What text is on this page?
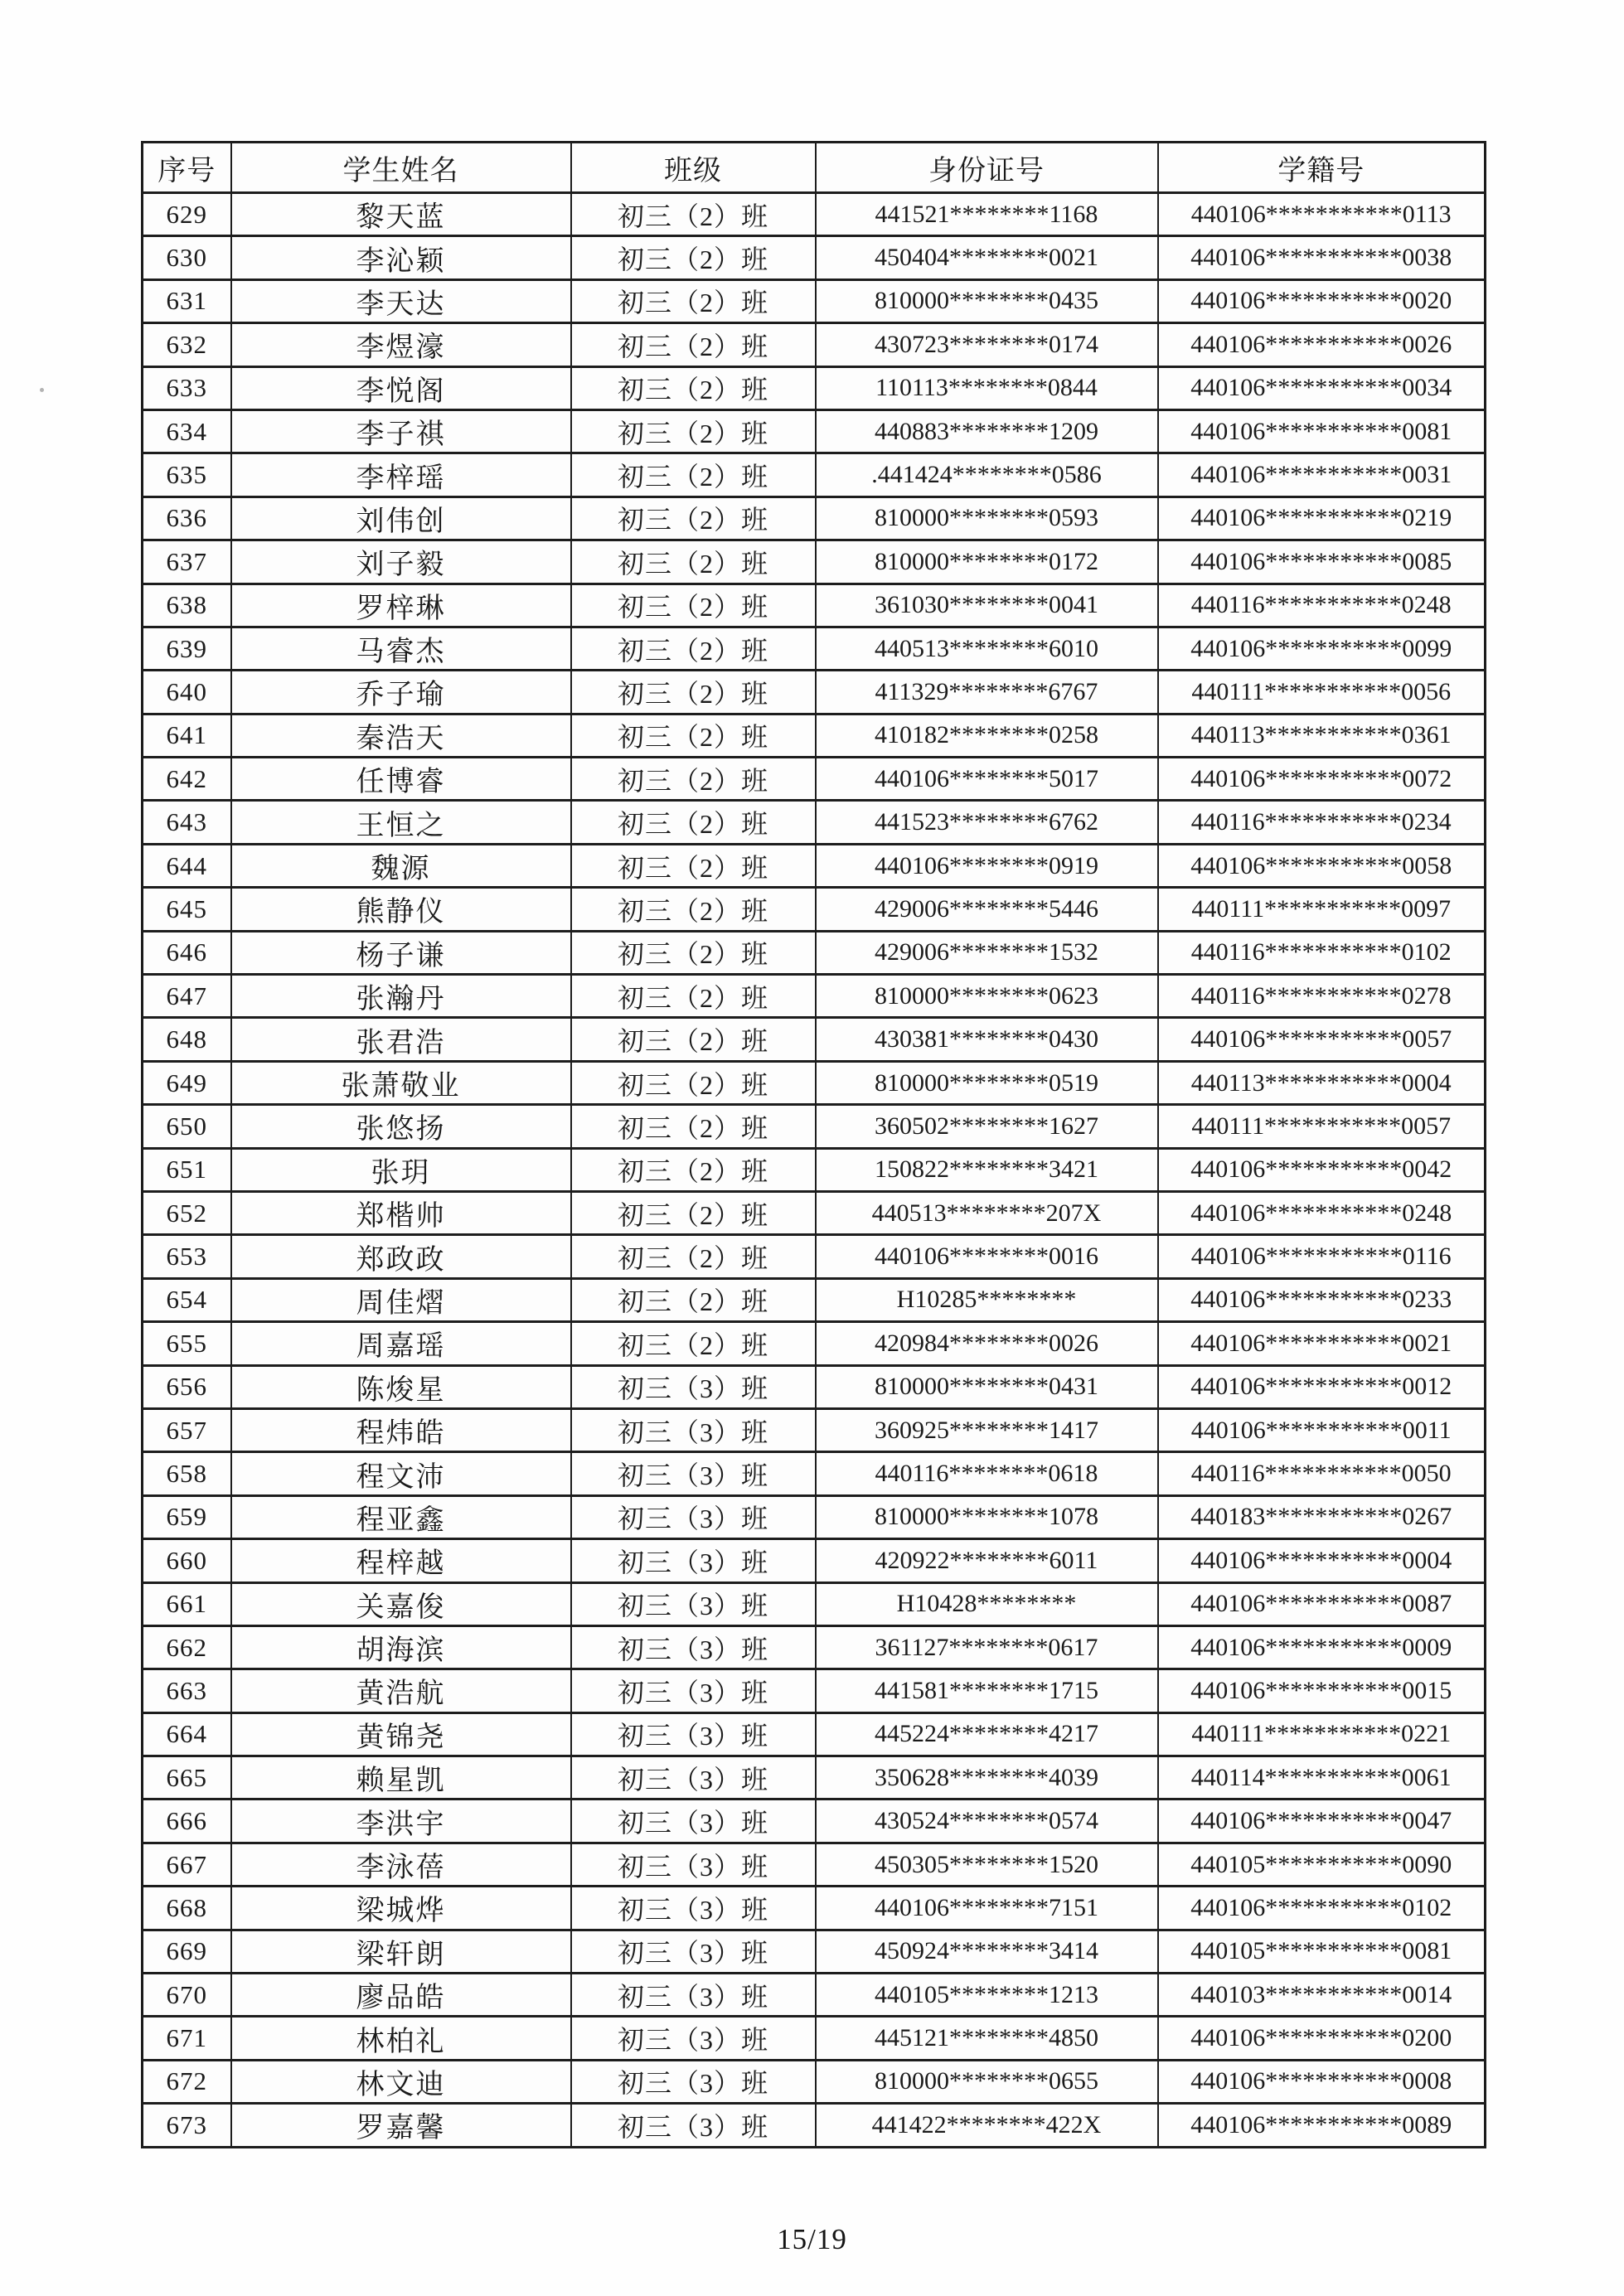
序号	学生姓名	班级	身份证号	学籍号
629	黎天蓝	初三（2）班	441521********1168	440106***********0113
630	李沁颖	初三（2）班	450404********0021	440106***********0038
631	李天达	初三（2）班	810000********0435	440106***********0020
632	李煜濠	初三（2）班	430723********0174	440106***********0026
633	李悦阁	初三（2）班	110113********0844	440106***********0034
634	李子祺	初三（2）班	440883********1209	440106***********0081
635	李梓瑶	初三（2）班	.441424********0586	440106***********0031
636	刘伟创	初三（2）班	810000********0593	440106***********0219
637	刘子毅	初三（2）班	810000********0172	440106***********0085
638	罗梓琳	初三（2）班	361030********0041	440116***********0248
639	马睿杰	初三（2）班	440513********6010	440106***********0099
640	乔子瑜	初三（2）班	411329********6767	440111***********0056
641	秦浩天	初三（2）班	410182********0258	440113***********0361
642	任博睿	初三（2）班	440106********5017	440106***********0072
643	王恒之	初三（2）班	441523********6762	440116***********0234
644	魏源	初三（2）班	440106********0919	440106***********0058
645	熊静仪	初三（2）班	429006********5446	440111***********0097
646	杨子谦	初三（2）班	429006********1532	440116***********0102
647	张瀚丹	初三（2）班	810000********0623	440116***********0278
648	张君浩	初三（2）班	430381********0430	440106***********0057
649	张萧敬业	初三（2）班	810000********0519	440113***********0004
650	张悠扬	初三（2）班	360502********1627	440111***********0057
651	张玥	初三（2）班	150822********3421	440106***********0042
652	郑楷帅	初三（2）班	440513********207X	440106***********0248
653	郑政政	初三（2）班	440106********0016	440106***********0116
654	周佳熠	初三（2）班	H10285********	440106***********0233
655	周嘉瑶	初三（2）班	420984********0026	440106***********0021
656	陈焌星	初三（3）班	810000********0431	440106***********0012
657	程炜皓	初三（3）班	360925********1417	440106***********0011
658	程文沛	初三（3）班	440116********0618	440116***********0050
659	程亚鑫	初三（3）班	810000********1078	440183***********0267
660	程梓越	初三（3）班	420922********6011	440106***********0004
661	关嘉俊	初三（3）班	H10428********	440106***********0087
662	胡海滨	初三（3）班	361127********0617	440106***********0009
663	黄浩航	初三（3）班	441581********1715	440106***********0015
664	黄锦尧	初三（3）班	445224********4217	440111***********0221
665	赖星凯	初三（3）班	350628********4039	440114***********0061
666	李洪宇	初三（3）班	430524********0574	440106***********0047
667	李泳蓓	初三（3）班	450305********1520	440105***********0090
668	梁城烨	初三（3）班	440106********7151	440106***********0102
669	梁轩朗	初三（3）班	450924********3414	440105***********0081
670	廖品皓	初三（3）班	440105********1213	440103***********0014
671	林柏礼	初三（3）班	445121********4850	440106***********0200
672	林文迪	初三（3）班	810000********0655	440106***********0008
673	罗嘉馨	初三（3）班	441422********422X	440106***********0089
15/19
